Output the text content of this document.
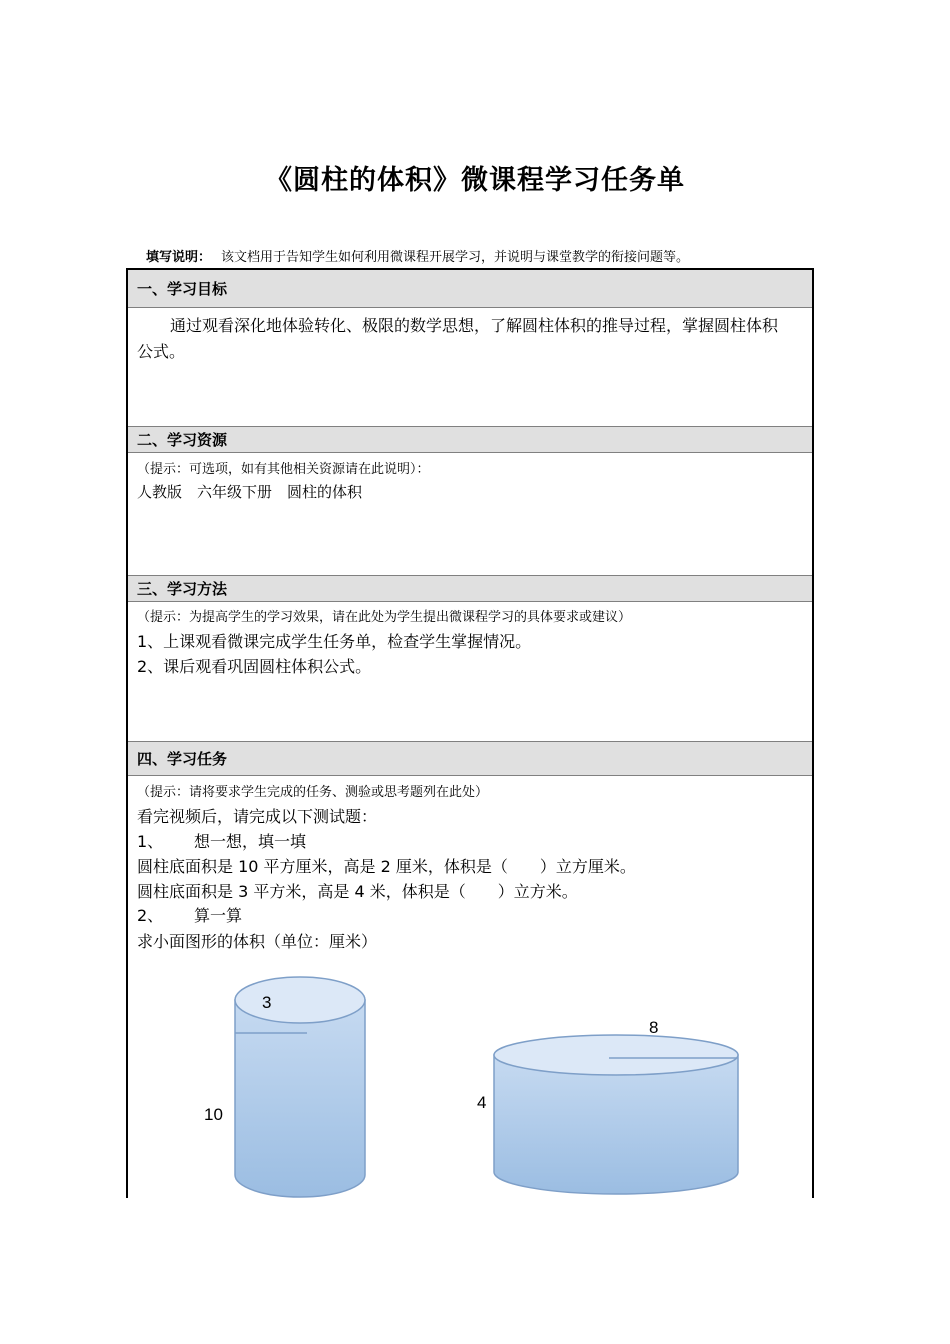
《圆柱的体积》微课程学习任务单
填写说明： 该文档用于告知学生如何利用微课程开展学习，并说明与课堂教学的衔接问题等。
一、学习目标
通过观看深化地体验转化、极限的数学思想，了解圆柱体积的推导过程，掌握圆柱体积
公式。
二、学习资源
（提示：可选项，如有其他相关资源请在此说明）：
人教版　六年级下册　圆柱的体积
三、学习方法
（提示：为提高学生的学习效果，请在此处为学生提出微课程学习的具体要求或建议）
1、上课观看微课完成学生任务单，检查学生掌握情况。
2、课后观看巩固圆柱体积公式。
四、学习任务
（提示：请将要求学生完成的任务、测验或思考题列在此处）
看完视频后，请完成以下测试题：
1、 想一想，填一填
圆柱底面积是 10 平方厘米，高是 2 厘米，体积是（　　）立方厘米。
圆柱底面积是 3 平方米，高是 4 米，体积是（　　）立方米。
2、 算一算
求小面图形的体积（单位：厘米）
3
10
8
4
